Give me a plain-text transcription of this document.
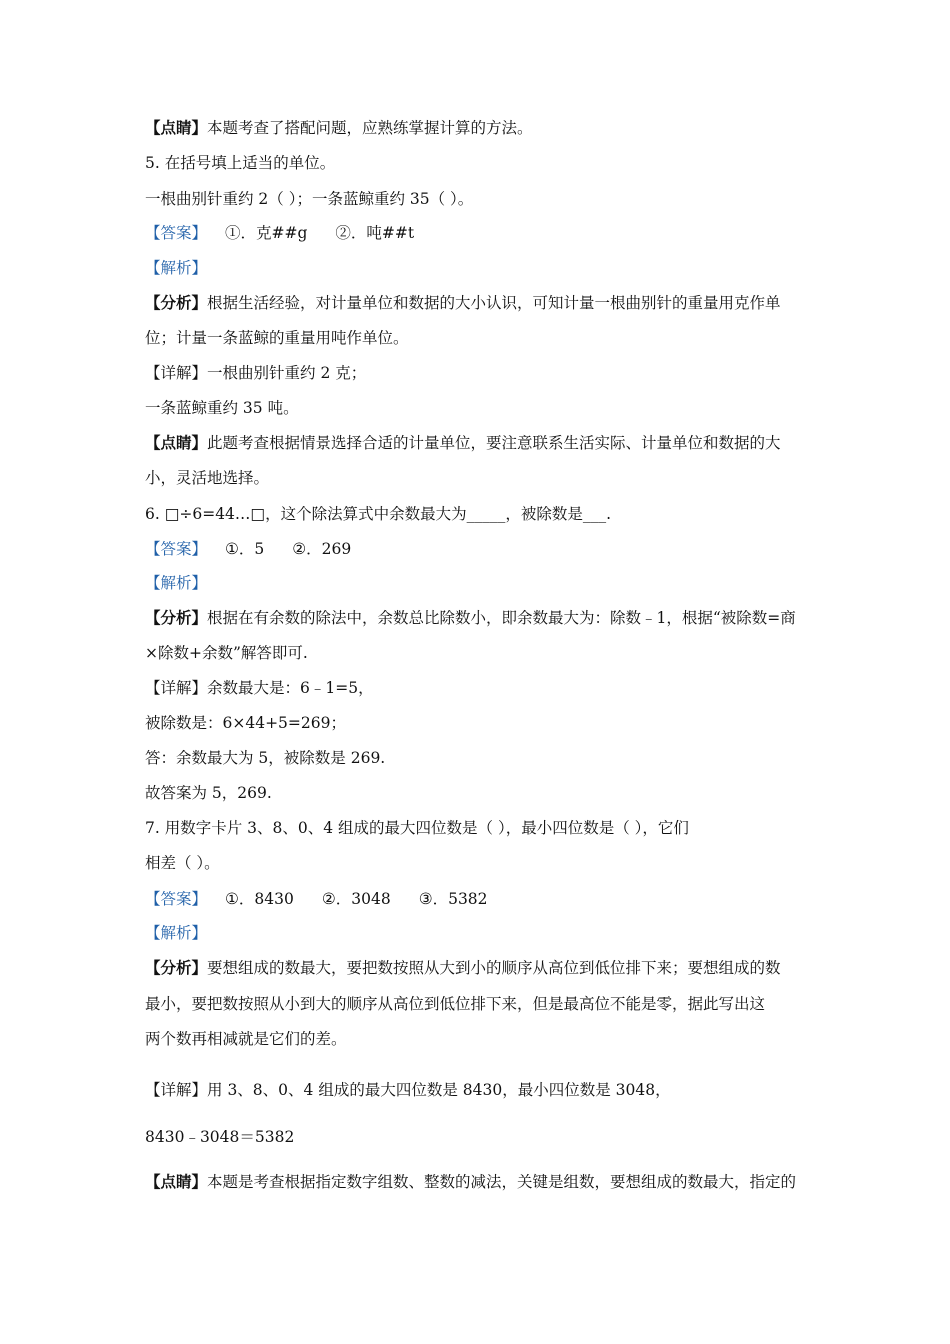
【点睛】本题考查了搭配问题，应熟练掌握计算的方法。
5. 在括号填上适当的单位。
一根曲别针重约 2（ ）；一条蓝鲸重约 35（ ）。
【答案】 ①．克##g ②．吨##t
【解析】
【分析】根据生活经验，对计量单位和数据的大小认识，可知计量一根曲别针的重量用克作单
位；计量一条蓝鲸的重量用吨作单位。
【详解】一根曲别针重约 2 克；
一条蓝鲸重约 35 吨。
【点睛】此题考查根据情景选择合适的计量单位，要注意联系生活实际、计量单位和数据的大
小，灵活地选择。
6. □÷6=44…□，这个除法算式中余数最大为_____，被除数是___.
【答案】 ①．5 ②．269
【解析】
【分析】根据在有余数的除法中，余数总比除数小，即余数最大为：除数﹣1，根据“被除数=商
×除数+余数”解答即可.
【详解】余数最大是：6﹣1=5，
被除数是：6×44+5=269；
答：余数最大为 5，被除数是 269.
故答案为 5，269.
7. 用数字卡片 3、8、0、4 组成的最大四位数是（ ），最小四位数是（ ），它们
相差（ ）。
【答案】 ①．8430 ②．3048 ③．5382
【解析】
【分析】要想组成的数最大，要把数按照从大到小的顺序从高位到低位排下来；要想组成的数
最小，要把数按照从小到大的顺序从高位到低位排下来，但是最高位不能是零，据此写出这
两个数再相减就是它们的差。
【详解】用 3、8、0、4 组成的最大四位数是 8430，最小四位数是 3048，
8430﹣3048＝5382
【点睛】本题是考查根据指定数字组数、整数的减法，关键是组数，要想组成的数最大，指定的
